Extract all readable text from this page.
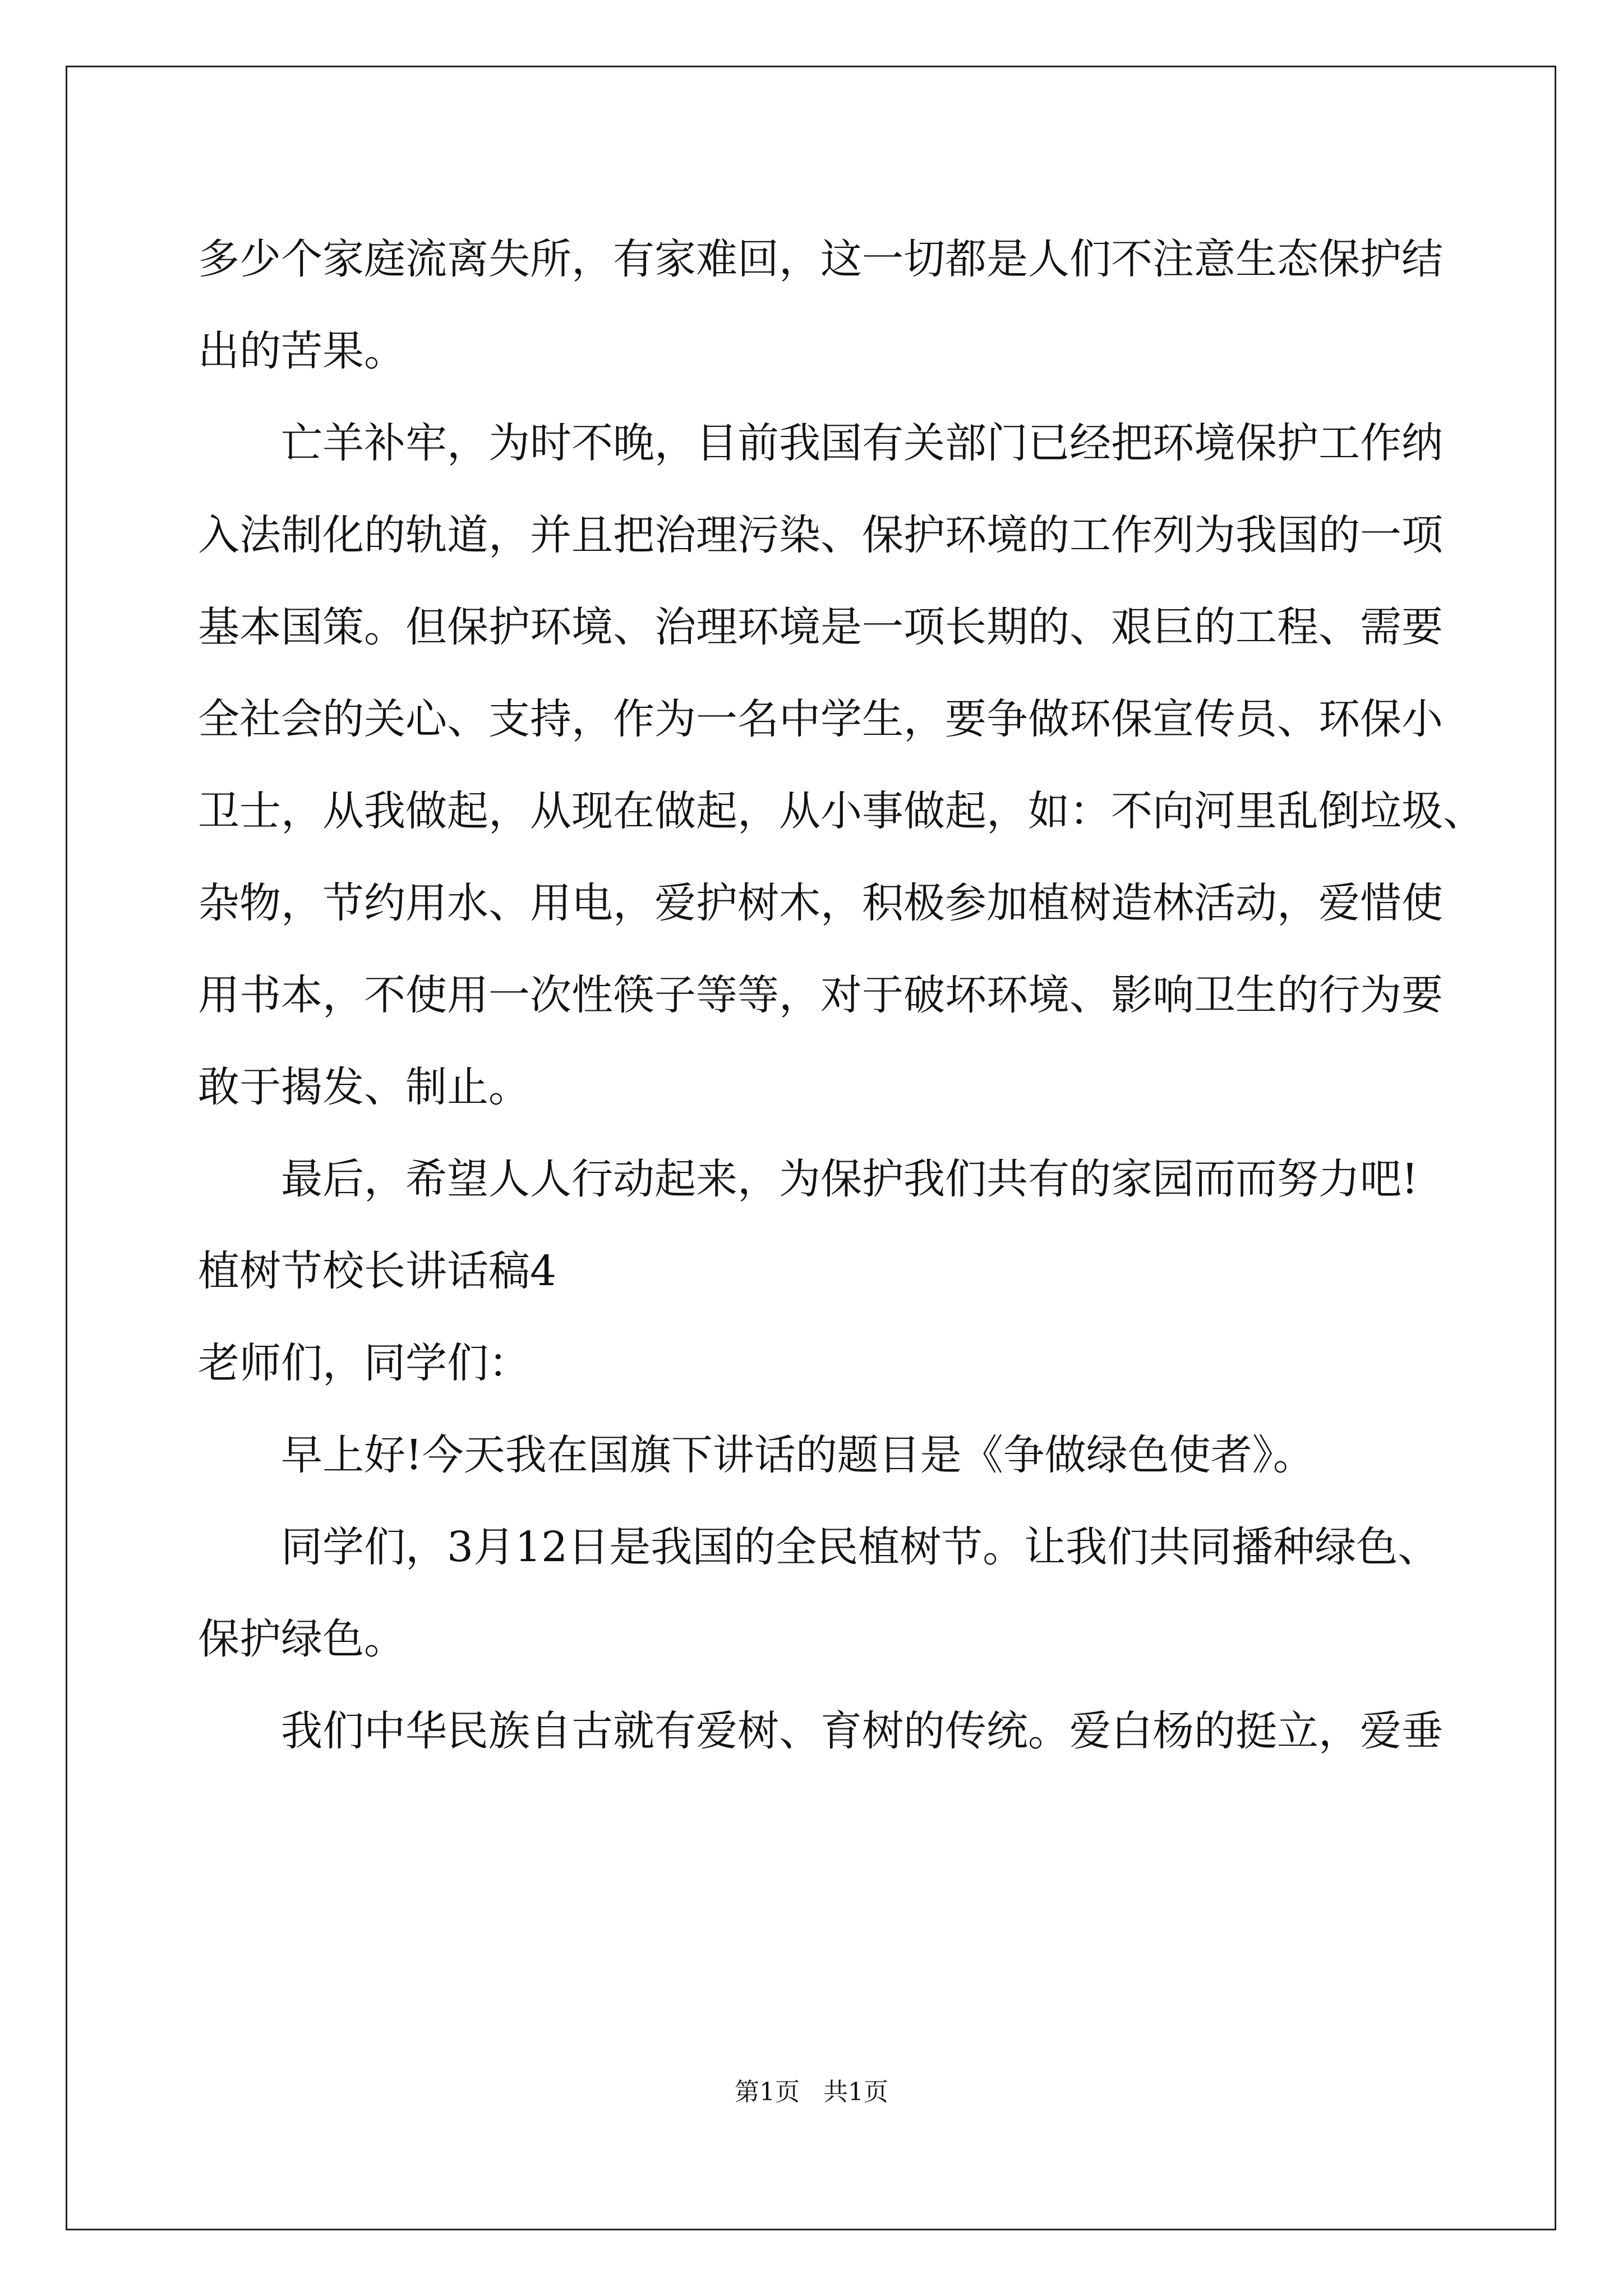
多少个家庭流离失所，有家难回，这一切都是人们不注意生态保护结
出的苦果。
亡羊补牢，为时不晚，目前我国有关部门已经把环境保护工作纳
入法制化的轨道，并且把治理污染、保护环境的工作列为我国的一项
基本国策。但保护环境、治理环境是一项长期的、艰巨的工程、需要
全社会的关心、支持，作为一名中学生，要争做环保宣传员、环保小
卫士，从我做起，从现在做起，从小事做起，如：不向河里乱倒垃圾、
杂物，节约用水、用电，爱护树木，积极参加植树造林活动，爱惜使
用书本，不使用一次性筷子等等，对于破坏环境、影响卫生的行为要
敢于揭发、制止。
最后，希望人人行动起来，为保护我们共有的家园而而努力吧!
植树节校长讲话稿4
老师们，同学们：
早上好!今天我在国旗下讲话的题目是《争做绿色使者》。
同学们，3月12日是我国的全民植树节。让我们共同播种绿色、
保护绿色。
我们中华民族自古就有爱树、育树的传统。爱白杨的挺立，爱垂
第1页 共1页
